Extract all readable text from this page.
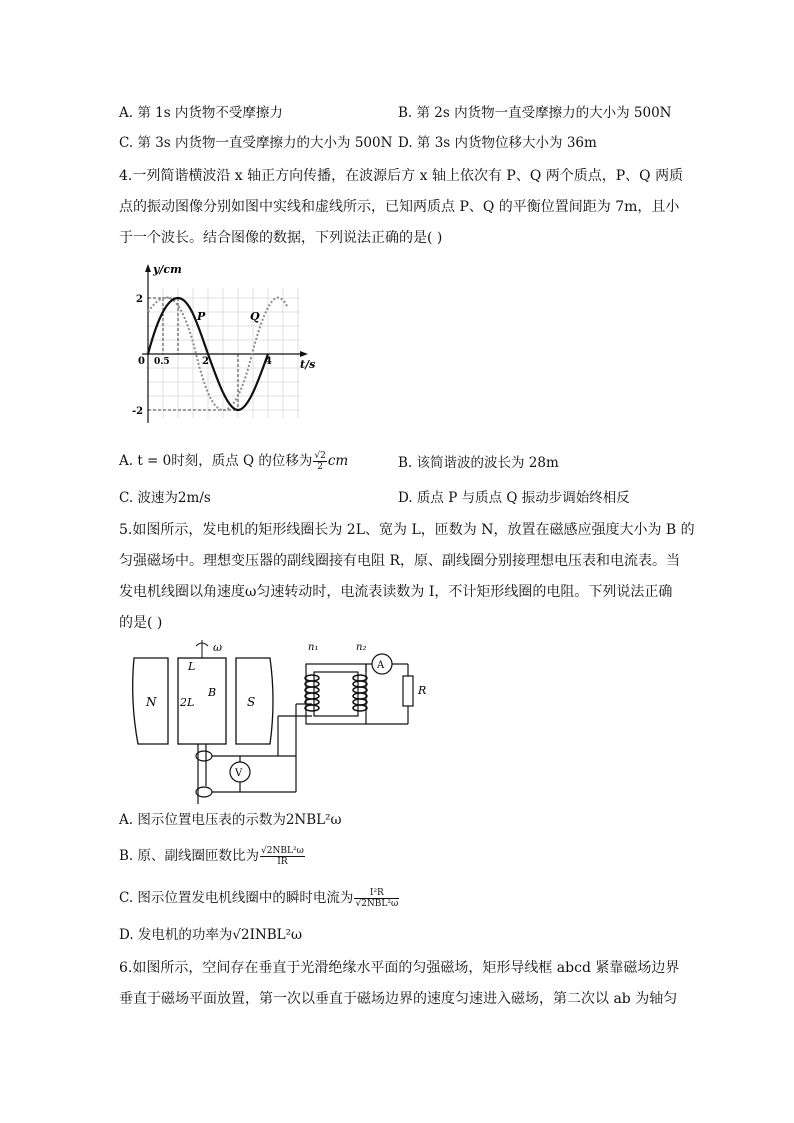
A. 第 1s 内货物不受摩擦力	B. 第 2s 内货物一直受摩擦力的大小为 500N
C. 第 3s 内货物一直受摩擦力的大小为 500N D. 第 3s 内货物位移大小为 36m
4.一列简谐横波沿 x 轴正方向传播，在波源后方 x 轴上依次有 P、Q 两个质点，P、Q 两质
点的振动图像分别如图中实线和虚线所示，已知两质点 P、Q 的平衡位置间距为 7m，且小
于一个波长。结合图像的数据，下列说法正确的是( )
y/cm
t/s
2
-2
0 0.5	2	4
P	Q
A. t = 0时刻，质点 Q 的位移为 $\frac{√2}{2}$ cm	B. 该简谐波的波长为 28m
C. 波速为2m/s	D. 质点 P 与质点 Q 振动步调始终相反
5.如图所示，发电机的矩形线圈长为 2L、宽为 L，匝数为 N，放置在磁感应强度大小为 B 的
匀强磁场中。理想变压器的副线圈接有电阻 R，原、副线圈分别接理想电压表和电流表。当
发电机线圈以角速度ω匀速转动时，电流表读数为 I，不计矩形线圈的电阻。下列说法正确
的是( )
N	S
ω
L
2L
B
V
n₁	n₂
A
R
A. 图示位置电压表的示数为2NBL²ω
B. 原、副线圈匝数比为 $\frac{\text{√2NBL²ω}}{IR}$
C. 图示位置发电机线圈中的瞬时电流为 $\frac{\text{I²R}}{\text{√2NBL²ω}}$
D. 发电机的功率为√2INBL²ω
6.如图所示，空间存在垂直于光滑绝缘水平面的匀强磁场，矩形导线框 abcd 紧靠磁场边界
垂直于磁场平面放置，第一次以垂直于磁场边界的速度匀速进入磁场，第二次以 ab 为轴匀
